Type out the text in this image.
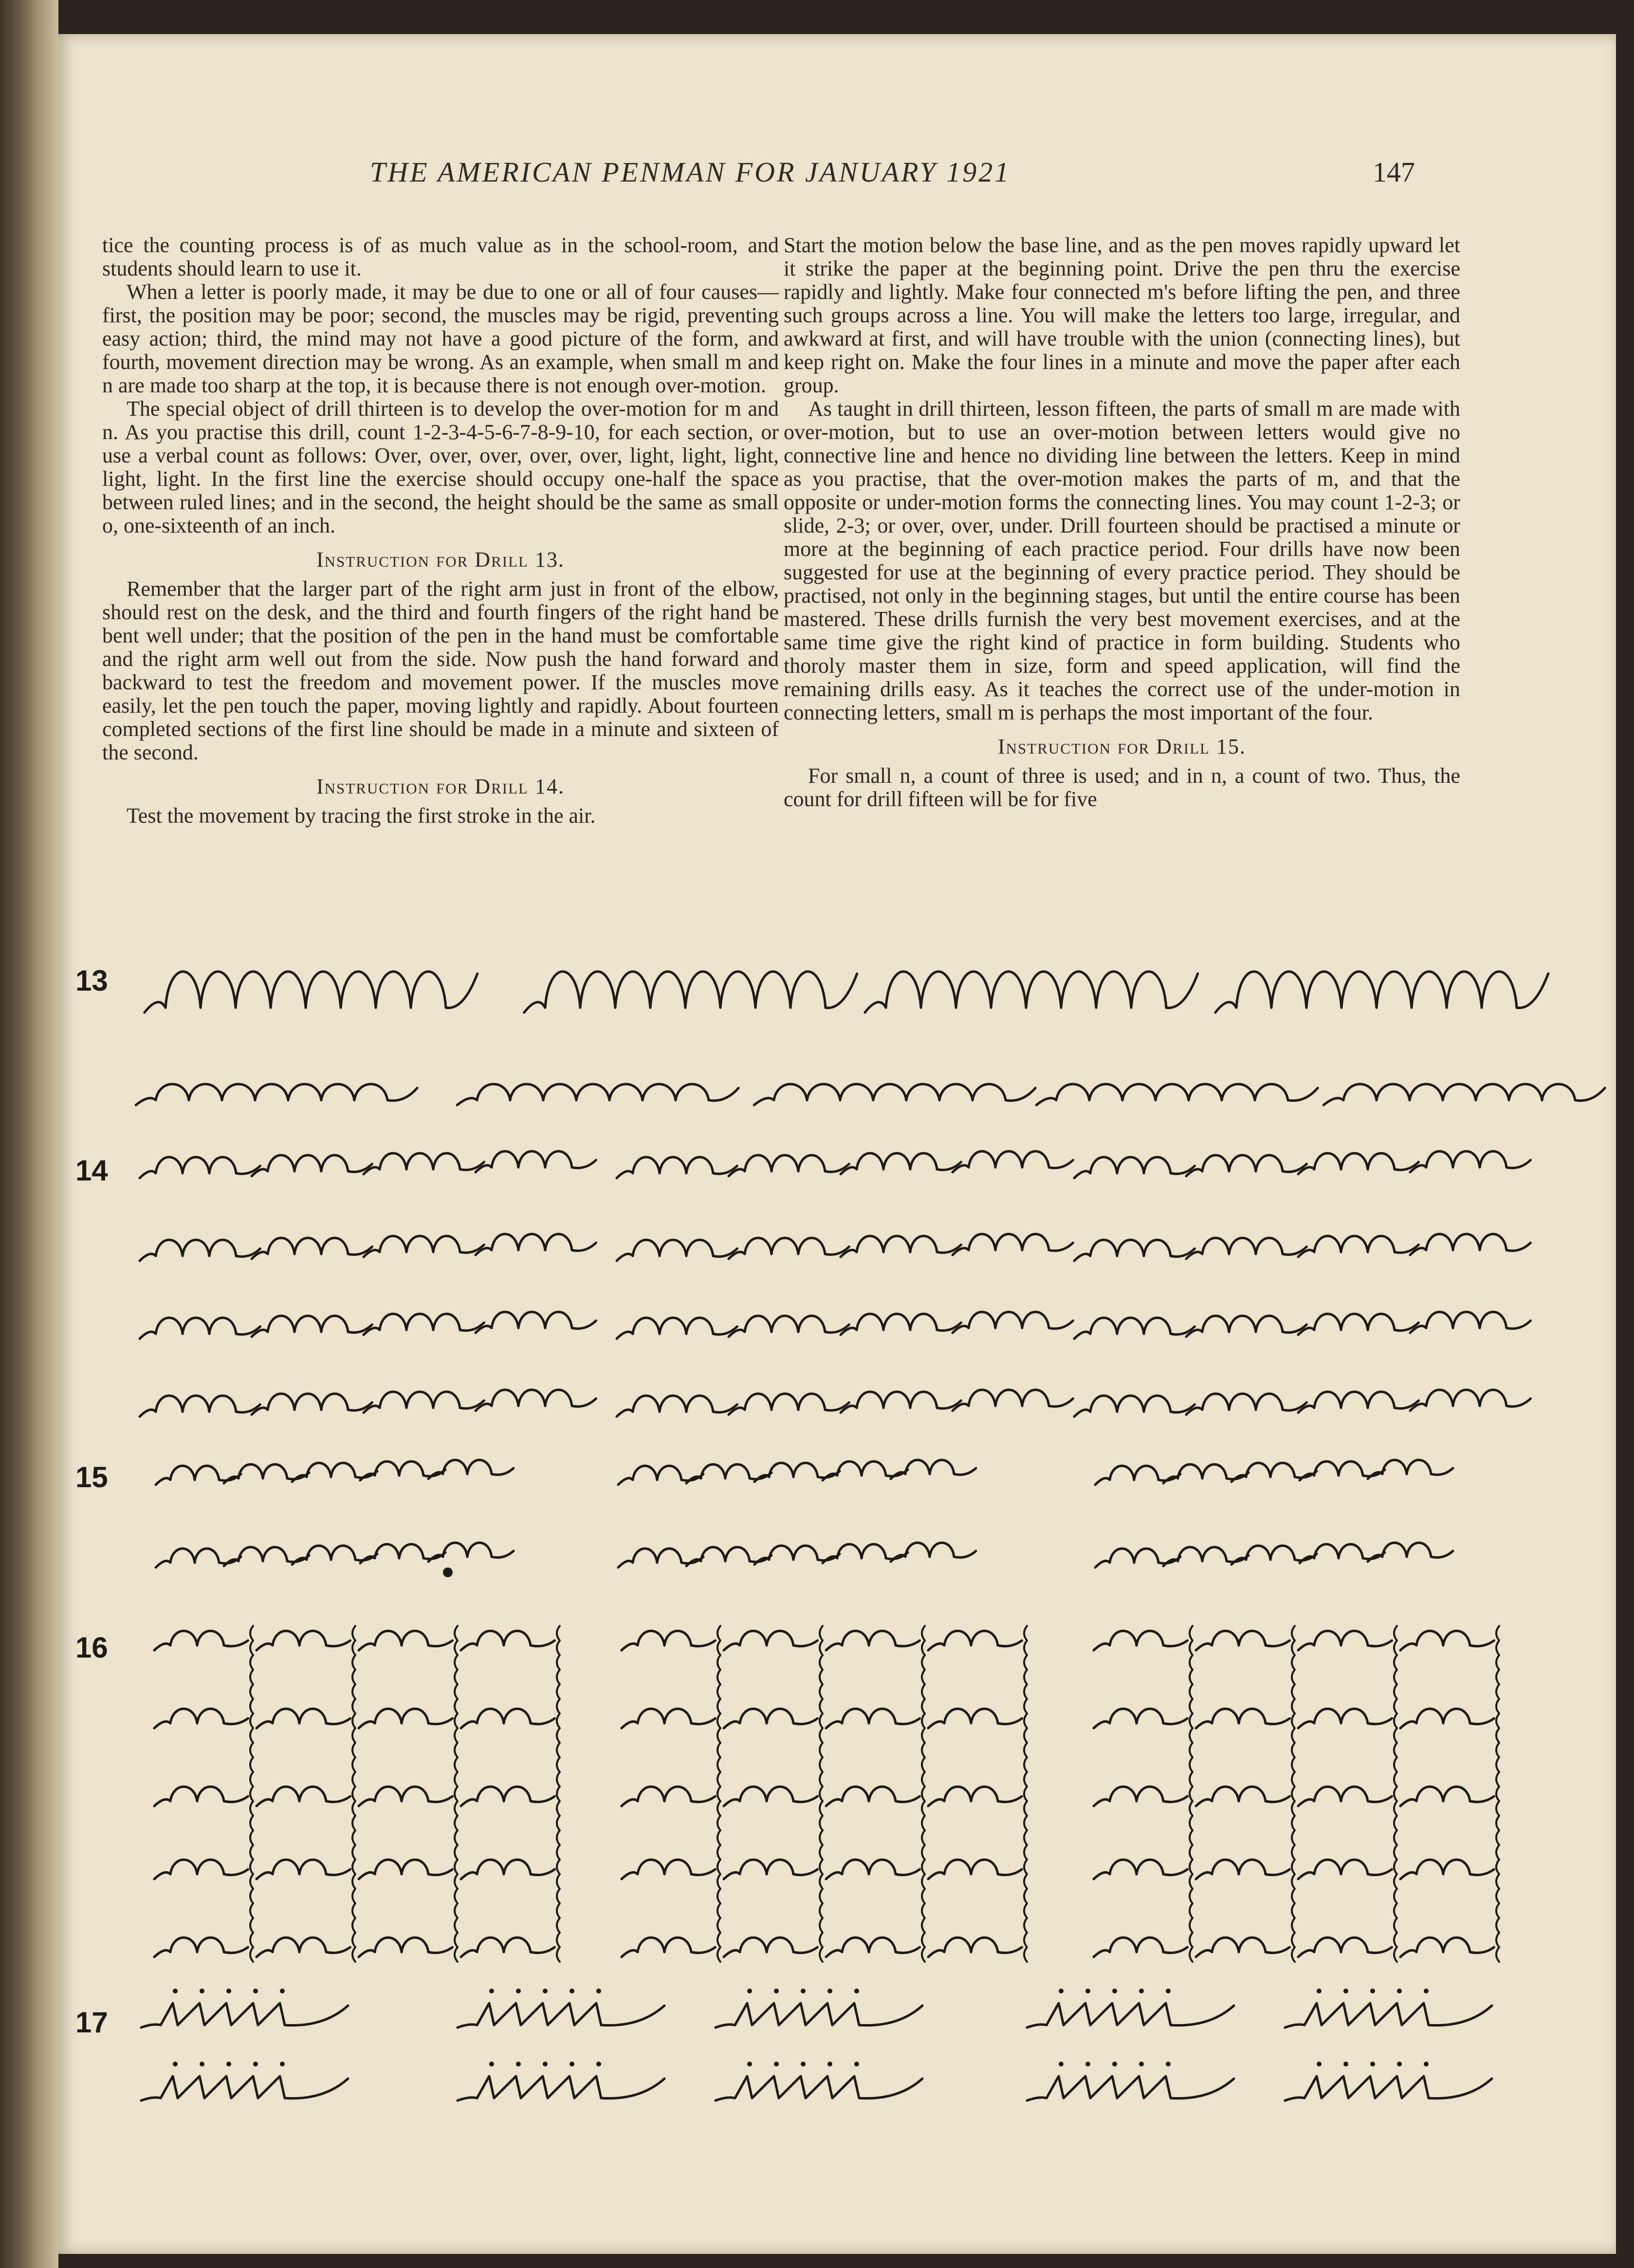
THE AMERICAN PENMAN FOR JANUARY 1921	147

tice the counting process is of as much value as in the school-room, and students should learn to use it.

When a letter is poorly made, it may be due to one or all of four causes—first, the position may be poor; second, the muscles may be rigid, preventing easy action; third, the mind may not have a good picture of the form, and fourth, movement direction may be wrong. As an example, when small m and n are made too sharp at the top, it is because there is not enough over-motion.

The special object of drill thirteen is to develop the over-motion for m and n. As you practise this drill, count 1-2-3-4-5-6-7-8-9-10, for each section, or use a verbal count as follows: Over, over, over, over, over, light, light, light, light, light. In the first line the exercise should occupy one-half the space between ruled lines; and in the second, the height should be the same as small o, one-sixteenth of an inch.

Instruction for Drill 13.

Remember that the larger part of the right arm just in front of the elbow, should rest on the desk, and the third and fourth fingers of the right hand be bent well under; that the position of the pen in the hand must be comfortable and the right arm well out from the side. Now push the hand forward and backward to test the freedom and movement power. If the muscles move easily, let the pen touch the paper, moving lightly and rapidly. About fourteen completed sections of the first line should be made in a minute and sixteen of the second.

Instruction for Drill 14.

Test the movement by tracing the first stroke in the air.

Start the motion below the base line, and as the pen moves rapidly upward let it strike the paper at the beginning point. Drive the pen thru the exercise rapidly and lightly. Make four connected m's before lifting the pen, and three such groups across a line. You will make the letters too large, irregular, and awkward at first, and will have trouble with the union (connecting lines), but keep right on. Make the four lines in a minute and move the paper after each group.

As taught in drill thirteen, lesson fifteen, the parts of small m are made with over-motion, but to use an over-motion between letters would give no connective line and hence no dividing line between the letters. Keep in mind as you practise, that the over-motion makes the parts of m, and that the opposite or under-motion forms the connecting lines. You may count 1-2-3; or slide, 2-3; or over, over, under. Drill fourteen should be practised a minute or more at the beginning of each practice period. Four drills have now been suggested for use at the beginning of every practice period. They should be practised, not only in the beginning stages, but until the entire course has been mastered. These drills furnish the very best movement exercises, and at the same time give the right kind of practice in form building. Students who thoroly master them in size, form and speed application, will find the remaining drills easy. As it teaches the correct use of the under-motion in connecting letters, small m is perhaps the most important of the four.

Instruction for Drill 15.

For small n, a count of three is used; and in n, a count of two. Thus, the count for drill fifteen will be for five

13
14
15
16
17
